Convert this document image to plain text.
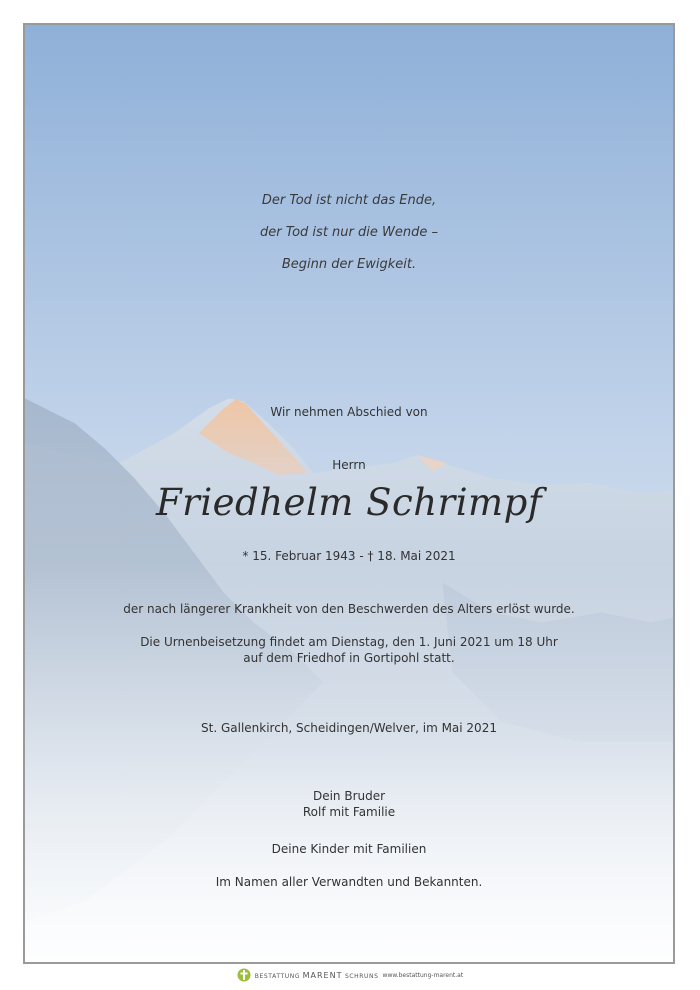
Der Tod ist nicht das Ende,
der Tod ist nur die Wende –
Beginn der Ewigkeit.
Wir nehmen Abschied von
Herrn
Friedhelm Schrimpf
* 15. Februar 1943 - † 18. Mai 2021
der nach längerer Krankheit von den Beschwerden des Alters erlöst wurde.
Die Urnenbeisetzung findet am Dienstag, den 1. Juni 2021 um 18 Uhr
auf dem Friedhof in Gortipohl statt.
St. Gallenkirch, Scheidingen/Welver, im Mai 2021
Dein Bruder
Rolf mit Familie
Deine Kinder mit Familien
Im Namen aller Verwandten und Bekannten.
BESTATTUNG MARENT SCHRUNS www.bestattung-marent.at
